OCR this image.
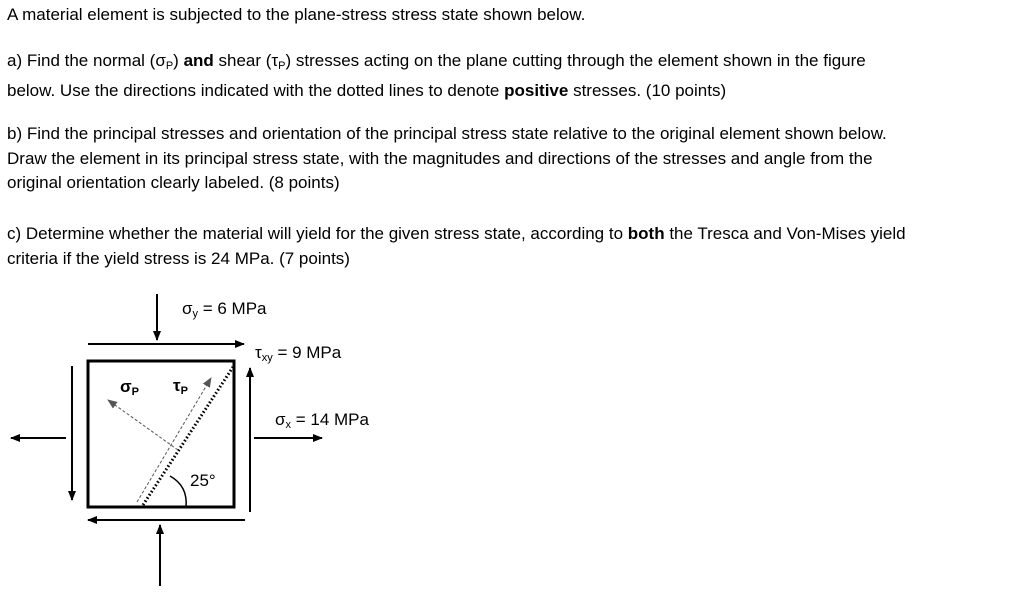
A material element is subjected to the plane-stress stress state shown below.

a) Find the normal $(\sigma_P)$ and shear $(\tau_P)$ stresses acting on the plane cutting through the element shown in the figure
below. Use the directions indicated with the dotted lines to denote positive stresses. (10 points)

b) Find the principal stresses and orientation of the principal stress state relative to the original element shown below.
Draw the element in its principal stress state, with the magnitudes and directions of the stresses and angle from the
original orientation clearly labeled. (8 points)

c) Determine whether the material will yield for the given stress state, according to both the Tresca and Von-Mises yield
criteria if the yield stress is 24 MPa. (7 points)

σy = 6 MPa
τxy = 9 MPa
σx = 14 MPa
σP τP
25°
